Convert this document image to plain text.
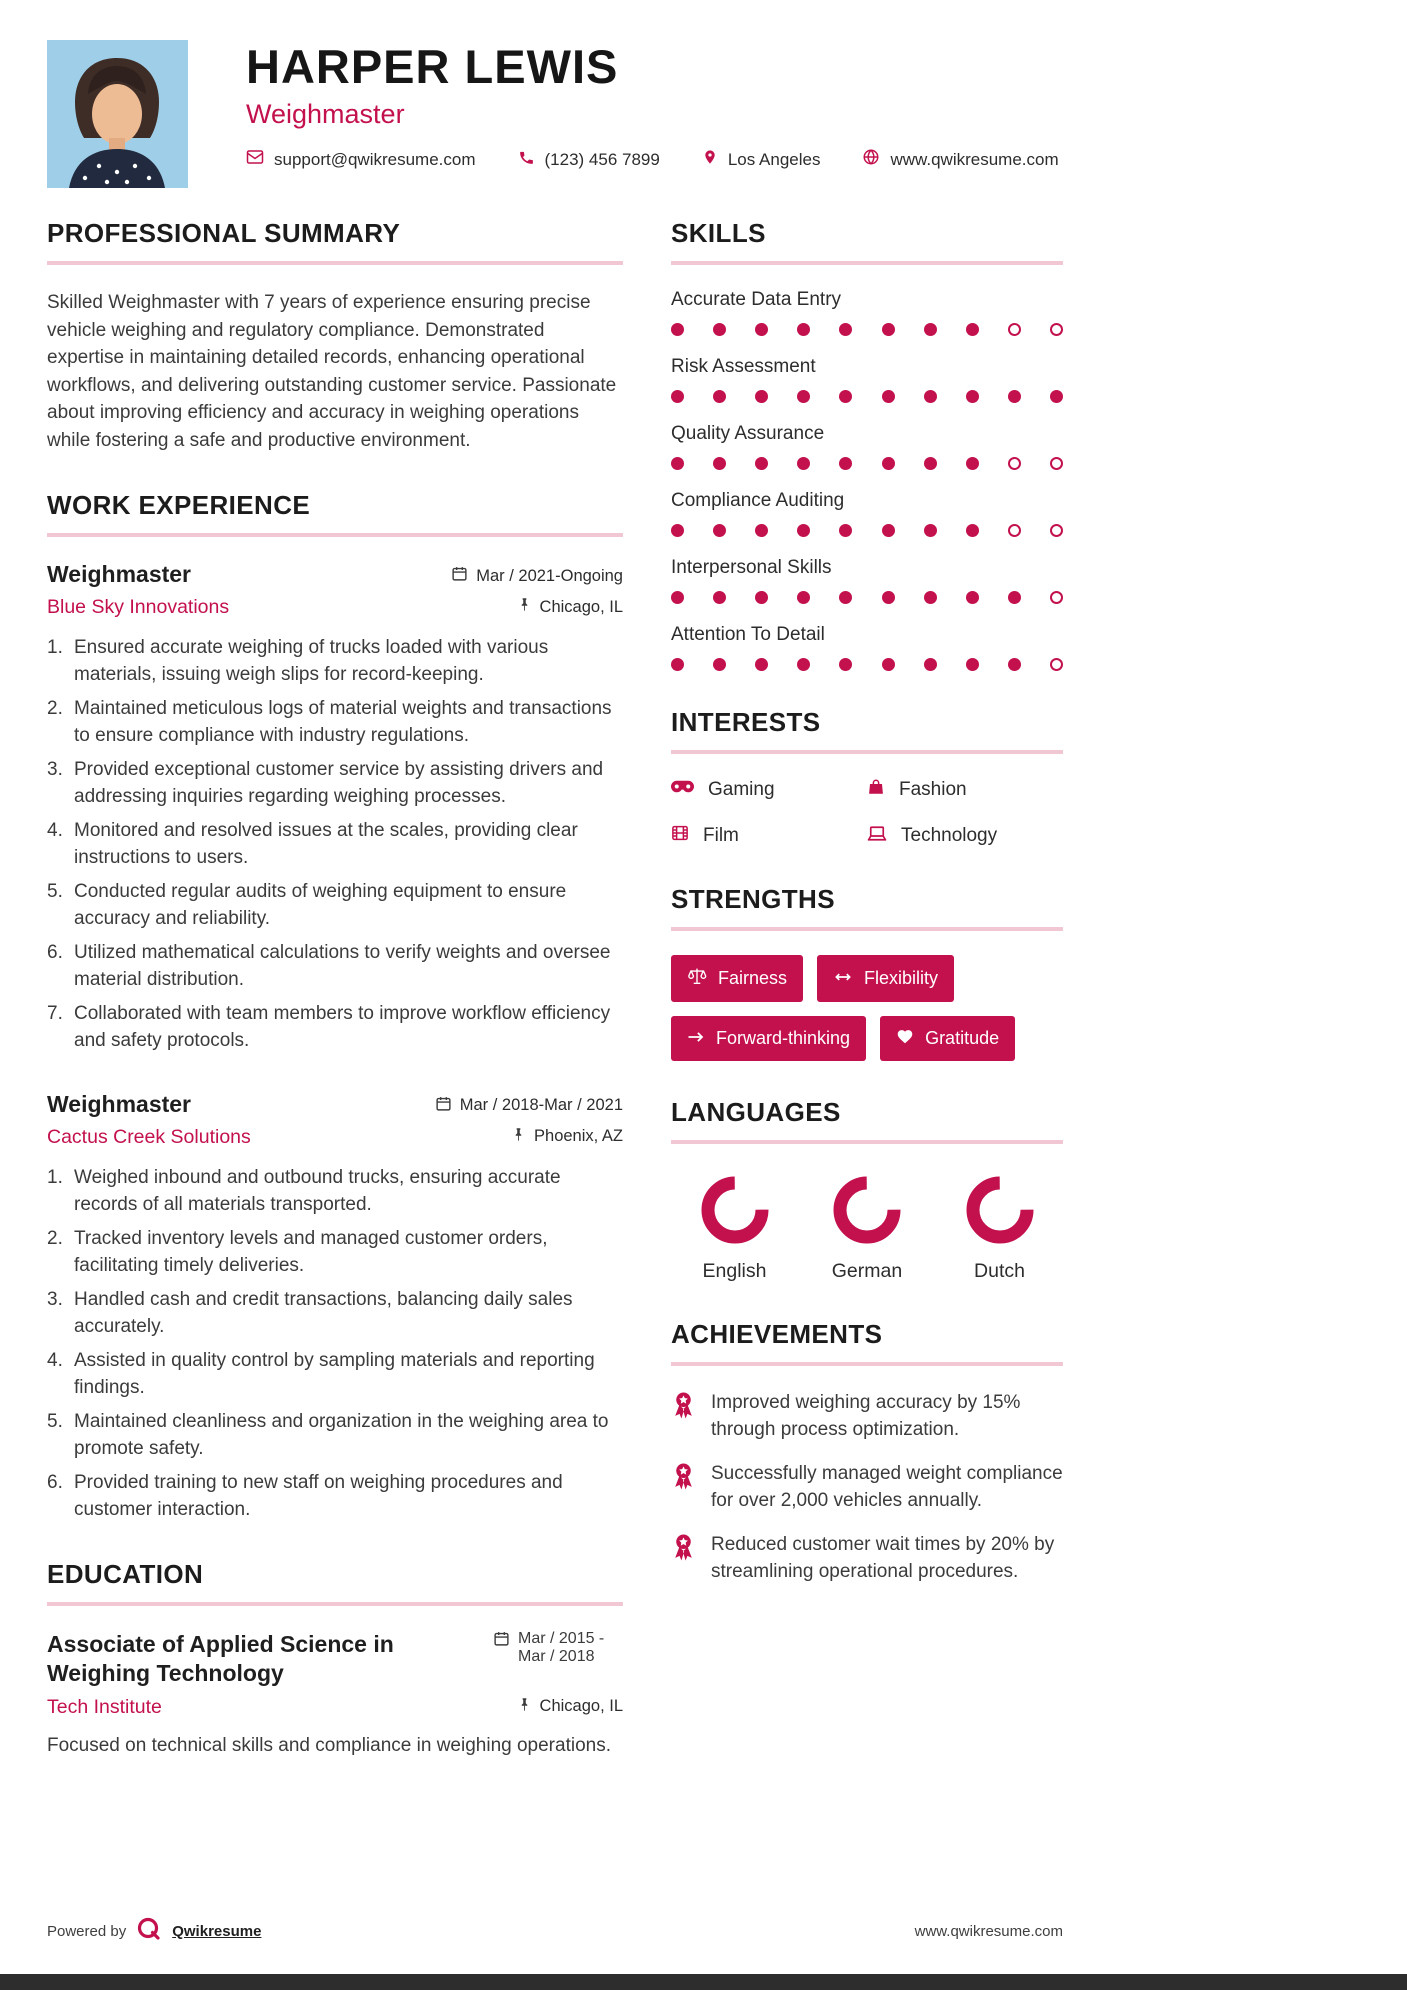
HARPER LEWIS
Weighmaster
support@qwikresume.com	(123) 456 7899	Los Angeles	www.qwikresume.com
PROFESSIONAL SUMMARY

Skilled Weighmaster with 7 years of experience ensuring precise vehicle weighing and regulatory compliance. Demonstrated expertise in maintaining detailed records, enhancing operational workflows, and delivering outstanding customer service. Passionate about improving efficiency and accuracy in weighing operations while fostering a safe and productive environment.

WORK EXPERIENCE
Weighmaster	Mar / 2021-Ongoing
Blue Sky Innovations	Chicago, IL
Ensured accurate weighing of trucks loaded with various materials, issuing weigh slips for record-keeping.
Maintained meticulous logs of material weights and transactions to ensure compliance with industry regulations.
Provided exceptional customer service by assisting drivers and addressing inquiries regarding weighing processes.
Monitored and resolved issues at the scales, providing clear instructions to users.
Conducted regular audits of weighing equipment to ensure accuracy and reliability.
Utilized mathematical calculations to verify weights and oversee material distribution.
Collaborated with team members to improve workflow efficiency and safety protocols.
Weighmaster	Mar / 2018-Mar / 2021
Cactus Creek Solutions	Phoenix, AZ
Weighed inbound and outbound trucks, ensuring accurate records of all materials transported.
Tracked inventory levels and managed customer orders, facilitating timely deliveries.
Handled cash and credit transactions, balancing daily sales accurately.
Assisted in quality control by sampling materials and reporting findings.
Maintained cleanliness and organization in the weighing area to promote safety.
Provided training to new staff on weighing procedures and customer interaction.
EDUCATION
Associate of Applied Science in Weighing Technology
Mar / 2015 - Mar / 2018
Tech Institute	Chicago, IL
Focused on technical skills and compliance in weighing operations.
SKILLS
Accurate Data Entry
Risk Assessment
Quality Assurance
Compliance Auditing
Interpersonal Skills
Attention To Detail
INTERESTS
Gaming	Fashion
Film	Technology
STRENGTHS
Fairness	Flexibility
Forward-thinking	Gratitude
LANGUAGES
English	German	Dutch
ACHIEVEMENTS
Improved weighing accuracy by 15% through process optimization.
Successfully managed weight compliance for over 2,000 vehicles annually.
Reduced customer wait times by 20% by streamlining operational procedures.
Powered by	Qwikresume	www.qwikresume.com
